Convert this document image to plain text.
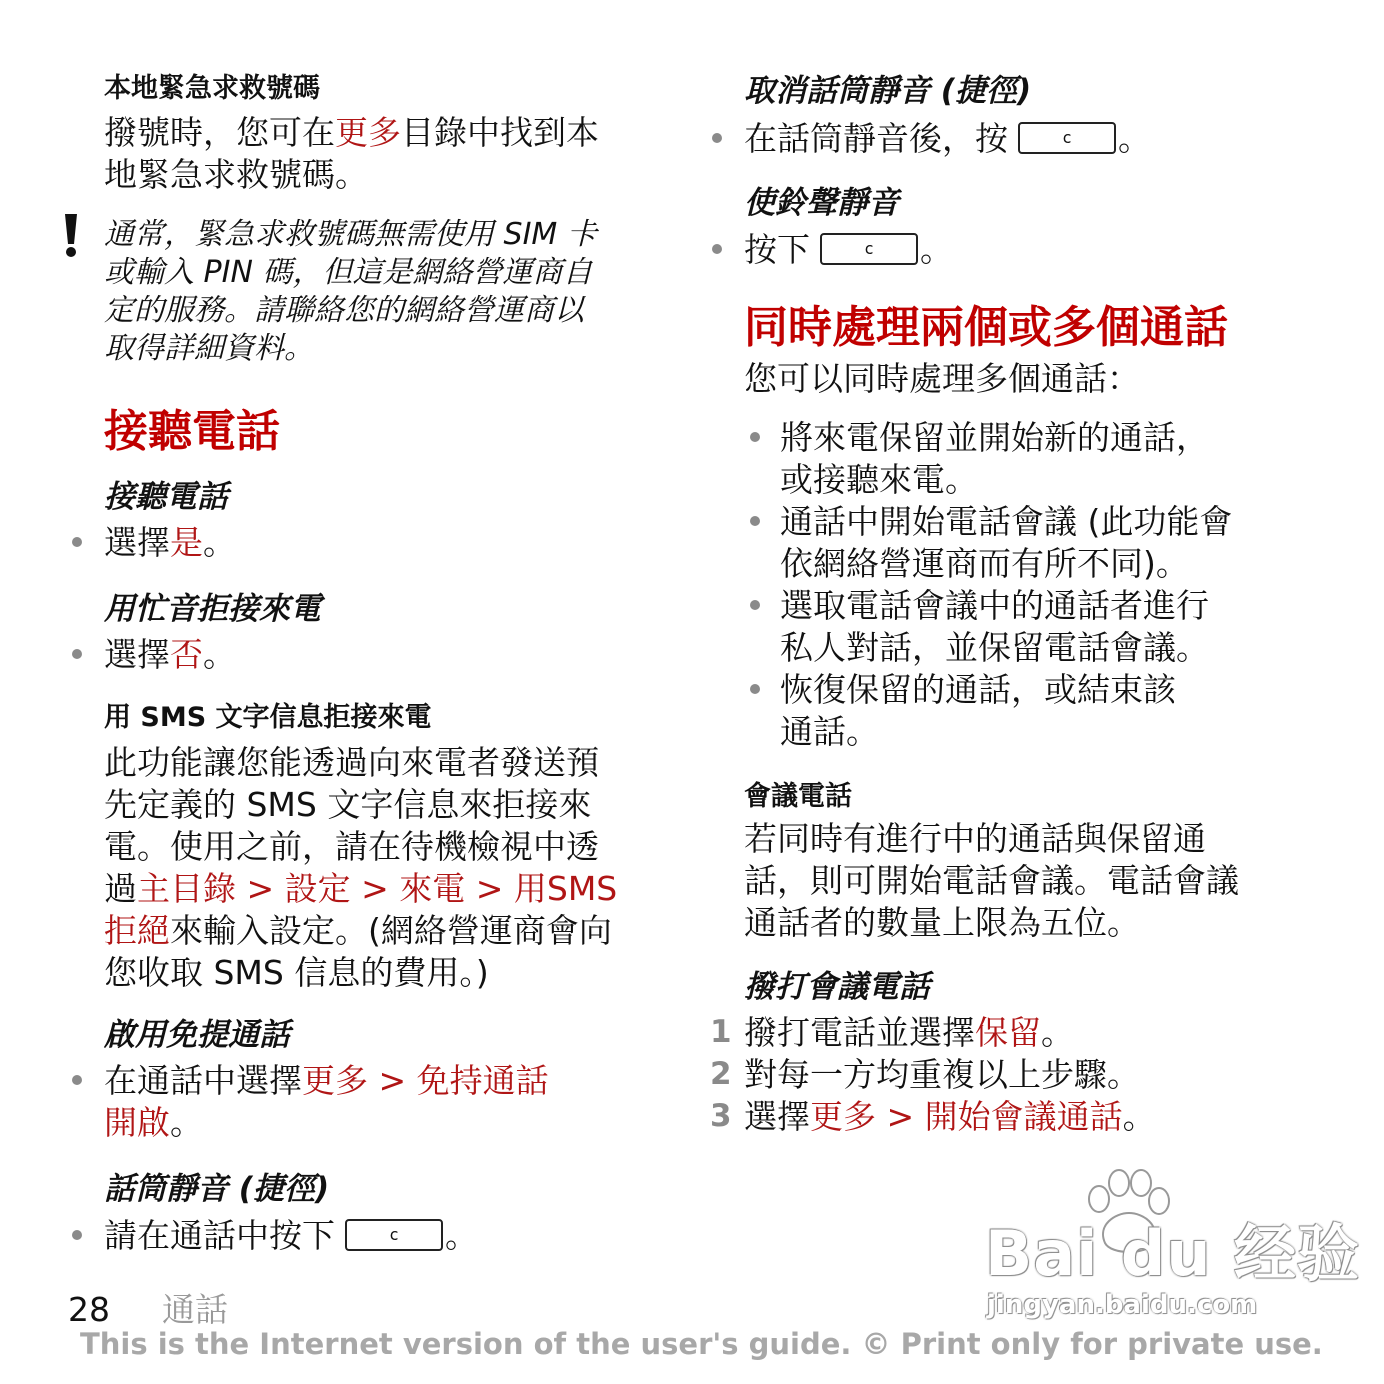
本地緊急求救號碼
撥號時，您可在更多目錄中找到本
地緊急求救號碼。
通常，緊急求救號碼無需使用 SIM 卡
或輸入 PIN 碼，但這是網絡營運商自
定的服務。請聯絡您的網絡營運商以
取得詳細資料。
接聽電話
接聽電話
選擇是。
用忙音拒接來電
選擇否。
用 SMS 文字信息拒接來電
此功能讓您能透過向來電者發送預
先定義的 SMS 文字信息來拒接來
電。使用之前，請在待機檢視中透
過主目錄 > 設定 > 來電 > 用SMS
拒絕來輸入設定。(網絡營運商會向
您收取 SMS 信息的費用。)
啟用免提通話
在通話中選擇更多 > 免持通話
開啟。
話筒靜音 (捷徑)
請在通話中按下	c 。
取消話筒靜音 (捷徑)
在話筒靜音後，按	c 。
使鈴聲靜音
按下	c 。
同時處理兩個或多個通話
您可以同時處理多個通話：
將來電保留並開始新的通話，
或接聽來電。
通話中開始電話會議 (此功能會
依網絡營運商而有所不同)。
選取電話會議中的通話者進行
私人對話，並保留電話會議。
恢復保留的通話，或結束該
通話。
會議電話
若同時有進行中的通話與保留通
話，則可開始電話會議。電話會議
通話者的數量上限為五位。
撥打會議電話
1 撥打電話並選擇保留。
2 對每一方均重複以上步驟。
3 選擇更多 > 開始會議通話。
Bai du 经验
jingyan.baidu.com
28 通話
This is the Internet version of the user's guide. © Print only for private use.
